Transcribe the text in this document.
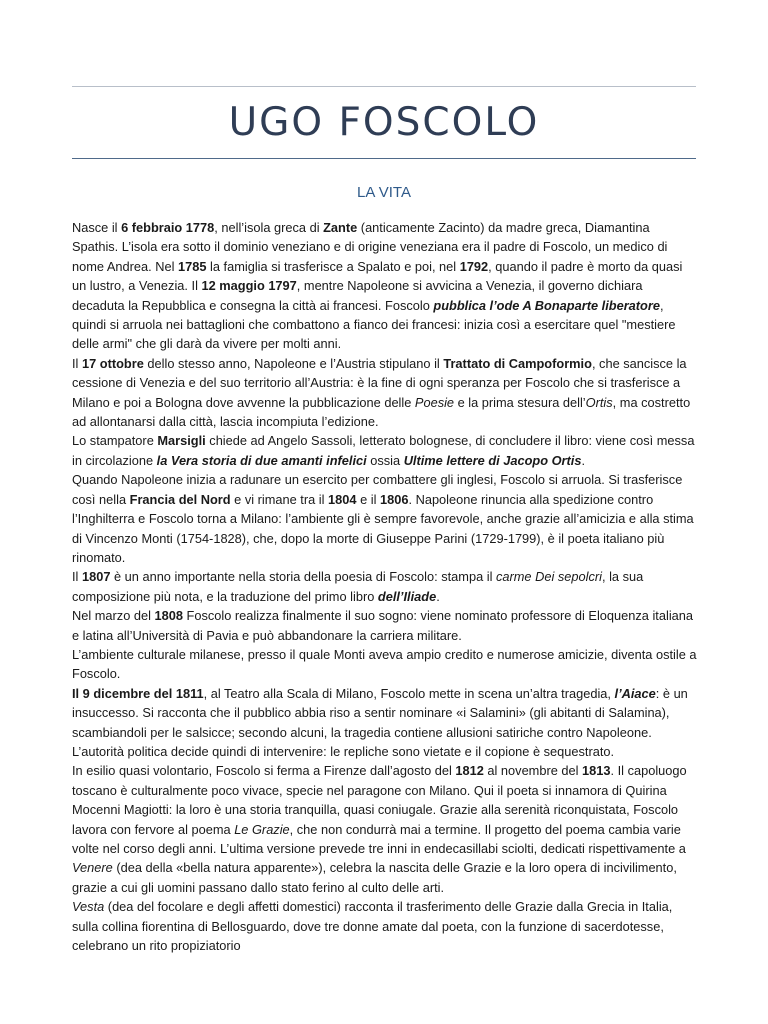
UGO FOSCOLO
LA VITA

Nasce il 6 febbraio 1778, nell’isola greca di Zante (anticamente Zacinto) da madre greca, Diamantina Spathis. L’isola era sotto il dominio veneziano e di origine veneziana era il padre di Foscolo, un medico di nome Andrea. Nel 1785 la famiglia si trasferisce a Spalato e poi, nel 1792, quando il padre è morto da quasi un lustro, a Venezia. Il 12 maggio 1797, mentre Napoleone si avvicina a Venezia, il governo dichiara decaduta la Repubblica e consegna la città ai francesi. Foscolo pubblica l’ode A Bonaparte liberatore, quindi si arruola nei battaglioni che combattono a fianco dei francesi: inizia così a esercitare quel "mestiere delle armi" che gli darà da vivere per molti anni.

Il 17 ottobre dello stesso anno, Napoleone e l’Austria stipulano il Trattato di Campoformio, che sancisce la cessione di Venezia e del suo territorio all’Austria: è la fine di ogni speranza per Foscolo che si trasferisce a Milano e poi a Bologna dove avvenne la pubblicazione delle Poesie e la prima stesura dell’Ortis, ma costretto ad allontanarsi dalla città, lascia incompiuta l’edizione.

Lo stampatore Marsigli chiede ad Angelo Sassoli, letterato bolognese, di concludere il libro: viene così messa in circolazione la Vera storia di due amanti infelici ossia Ultime lettere di Jacopo Ortis.

Quando Napoleone inizia a radunare un esercito per combattere gli inglesi, Foscolo si arruola. Si trasferisce così nella Francia del Nord e vi rimane tra il 1804 e il 1806. Napoleone rinuncia alla spedizione contro l’Inghilterra e Foscolo torna a Milano: l’ambiente gli è sempre favorevole, anche grazie all’amicizia e alla stima di Vincenzo Monti (1754-1828), che, dopo la morte di Giuseppe Parini (1729-1799), è il poeta italiano più rinomato.

Il 1807 è un anno importante nella storia della poesia di Foscolo: stampa il carme Dei sepolcri, la sua composizione più nota, e la traduzione del primo libro dell’Iliade.

Nel marzo del 1808 Foscolo realizza finalmente il suo sogno: viene nominato professore di Eloquenza italiana e latina all’Università di Pavia e può abbandonare la carriera militare.

L’ambiente culturale milanese, presso il quale Monti aveva ampio credito e numerose amicizie, diventa ostile a Foscolo.

Il 9 dicembre del 1811, al Teatro alla Scala di Milano, Foscolo mette in scena un’altra tragedia, l’Aiace: è un insuccesso. Si racconta che il pubblico abbia riso a sentir nominare «i Salamini» (gli abitanti di Salamina), scambiandoli per le salsicce; secondo alcuni, la tragedia contiene allusioni satiriche contro Napoleone. L’autorità politica decide quindi di intervenire: le repliche sono vietate e il copione è sequestrato.

In esilio quasi volontario, Foscolo si ferma a Firenze dall’agosto del 1812 al novembre del 1813. Il capoluogo toscano è culturalmente poco vivace, specie nel paragone con Milano. Qui il poeta si innamora di Quirina Mocenni Magiotti: la loro è una storia tranquilla, quasi coniugale. Grazie alla serenità riconquistata, Foscolo lavora con fervore al poema Le Grazie, che non condurrà mai a termine. Il progetto del poema cambia varie volte nel corso degli anni. L’ultima versione prevede tre inni in endecasillabi sciolti, dedicati rispettivamente a Venere (dea della «bella natura apparente»), celebra la nascita delle Grazie e la loro opera di incivilimento, grazie a cui gli uomini passano dallo stato ferino al culto delle arti.

Vesta (dea del focolare e degli affetti domestici) racconta il trasferimento delle Grazie dalla Grecia in Italia, sulla collina fiorentina di Bellosguardo, dove tre donne amate dal poeta, con la funzione di sacerdotesse, celebrano un rito propiziatorio
